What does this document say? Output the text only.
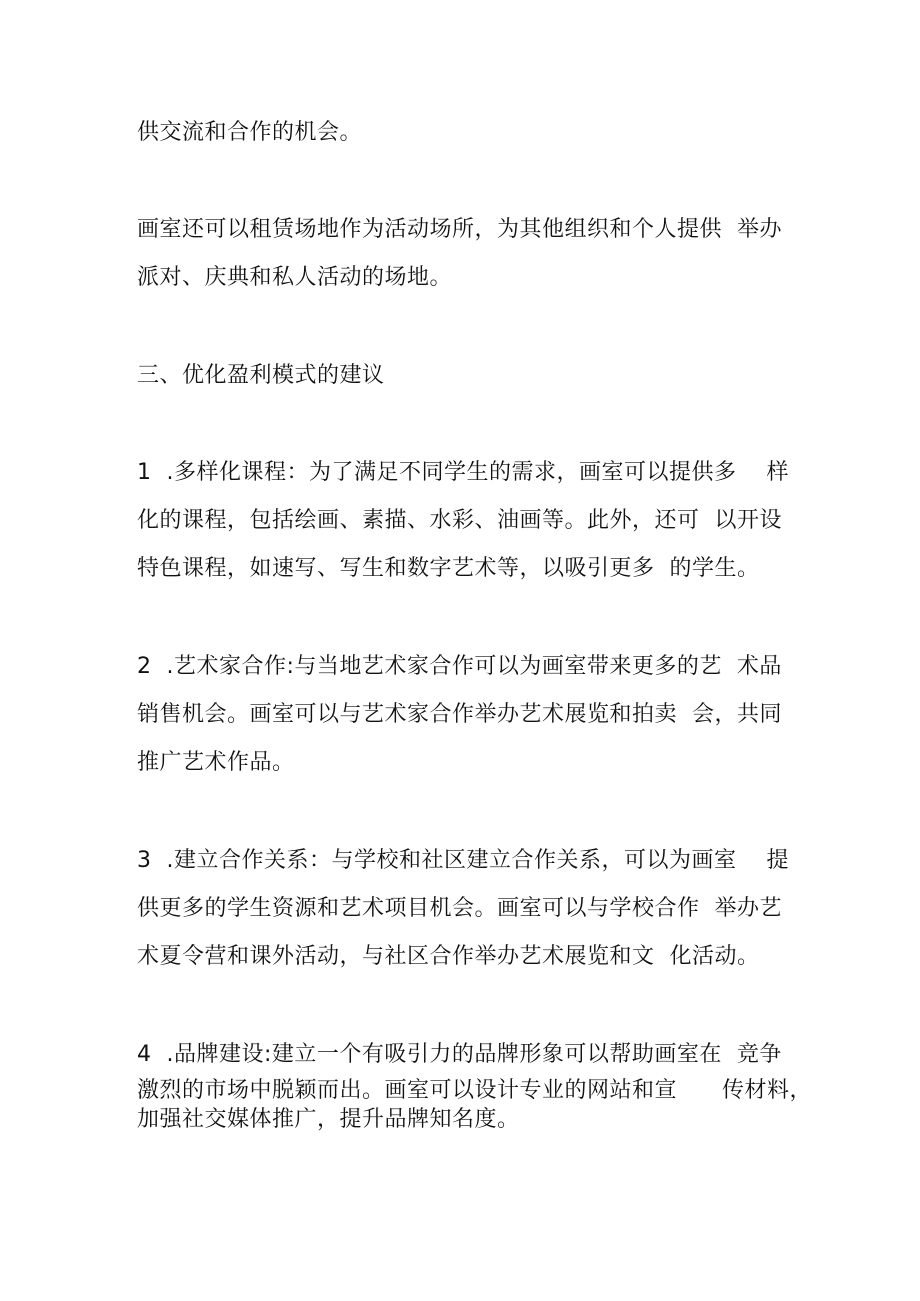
供交流和合作的机会。
画室还可以租赁场地作为活动场所，为其他组织和个人提供  举办
派对、庆典和私人活动的场地。
三、优化盈利模式的建议
1  .多样化课程：为了满足不同学生的需求，画室可以提供多    样
化的课程，包括绘画、素描、水彩、油画等。此外，还可  以开设
特色课程，如速写、写生和数字艺术等，以吸引更多  的学生。
2  .艺术家合作:与当地艺术家合作可以为画室带来更多的艺  术品
销售机会。画室可以与艺术家合作举办艺术展览和拍卖  会，共同
推广艺术作品。
3  .建立合作关系：与学校和社区建立合作关系，可以为画室    提
供更多的学生资源和艺术项目机会。画室可以与学校合作  举办艺
术夏令营和课外活动，与社区合作举办艺术展览和文  化活动。
4  .品牌建设:建立一个有吸引力的品牌形象可以帮助画室在  竞争
激烈的市场中脱颖而出。画室可以设计专业的网站和宣      传材料，
加强社交媒体推广，提升品牌知名度。
